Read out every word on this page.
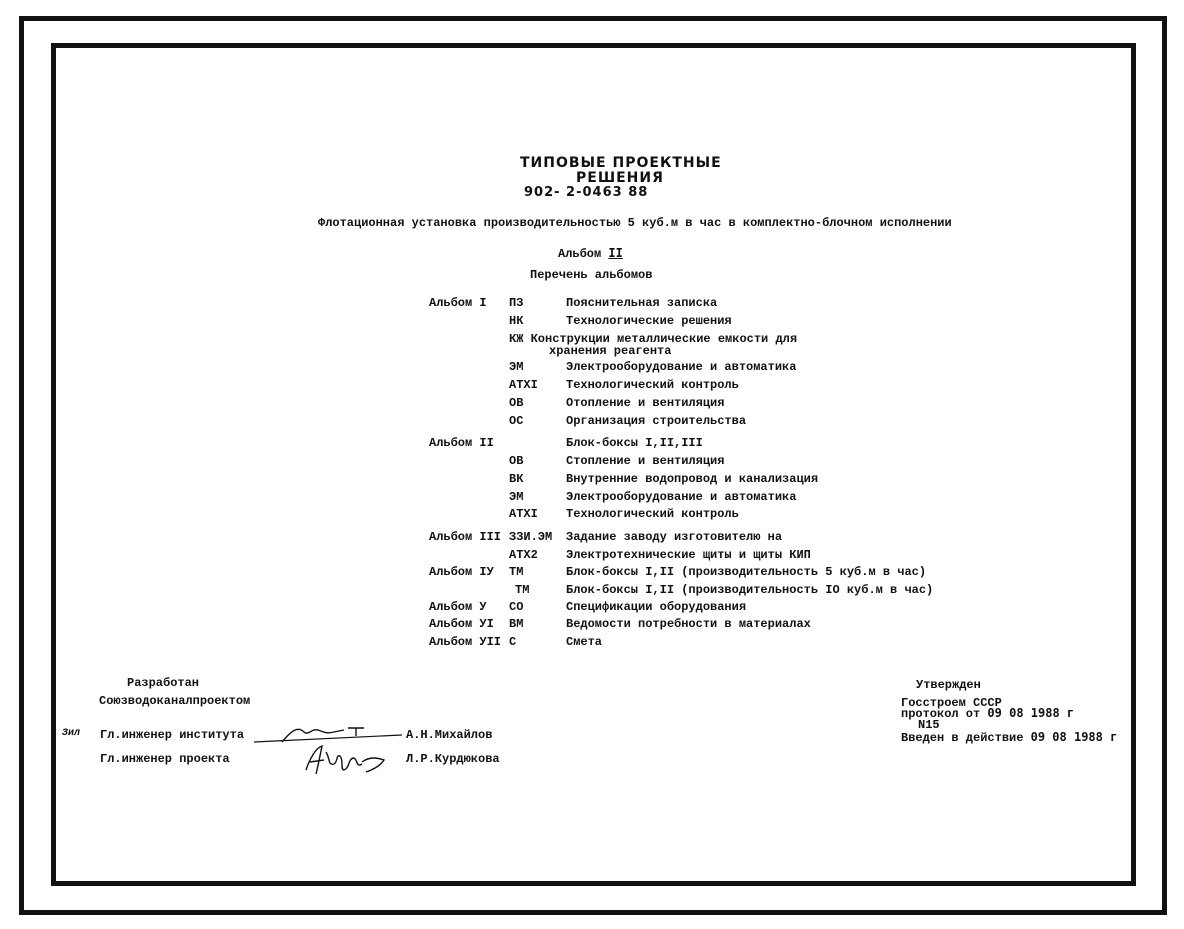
ТИПОВЫЕ ПРОЕКТНЫЕ
РЕШЕНИЯ
902- 2-0463 88
Флотационная установка производительностью 5 куб.м в час в комплектно-блочном исполнении
Альбом II
Перечень альбомов
Альбом I ПЗ	Пояснительная записка
НК	Технологические решения
КЖ Конструкции металлические емкости для
хранения реагента
ЭМ	Электрооборудование и автоматика
АТХI Технологический контроль
ОВ	Отопление и вентиляция
ОС	Организация строительства
Альбом II	Блок-боксы I,II,III
ОВ	Стопление и вентиляция
ВК	Внутренние водопровод и канализация
ЭМ	Электрооборудование и автоматика
АТХI Технологический контроль
Альбом III ЗЗИ.ЭМ Задание заводу изготовителю на
АТХ2 Электротехнические щиты и щиты КИП
Альбом IУ ТМ	Блок-боксы I,II (производительность 5 куб.м в час)
ТМ	Блок-боксы I,II (производительность IO куб.м в час)
Альбом У СО	Спецификации оборудования
Альбом УI ВМ	Ведомости потребности в материалах
Альбом УII С	Смета
Разработан
Союзводоканалпроектом
Зил Гл.инженер института	А.Н.Михайлов
Гл.инженер проекта	Л.Р.Курдюкова
Утвержден
Госстроем СССР
протокол от 09 08 1988 г
N15
Введен в действие 09 08 1988 г
